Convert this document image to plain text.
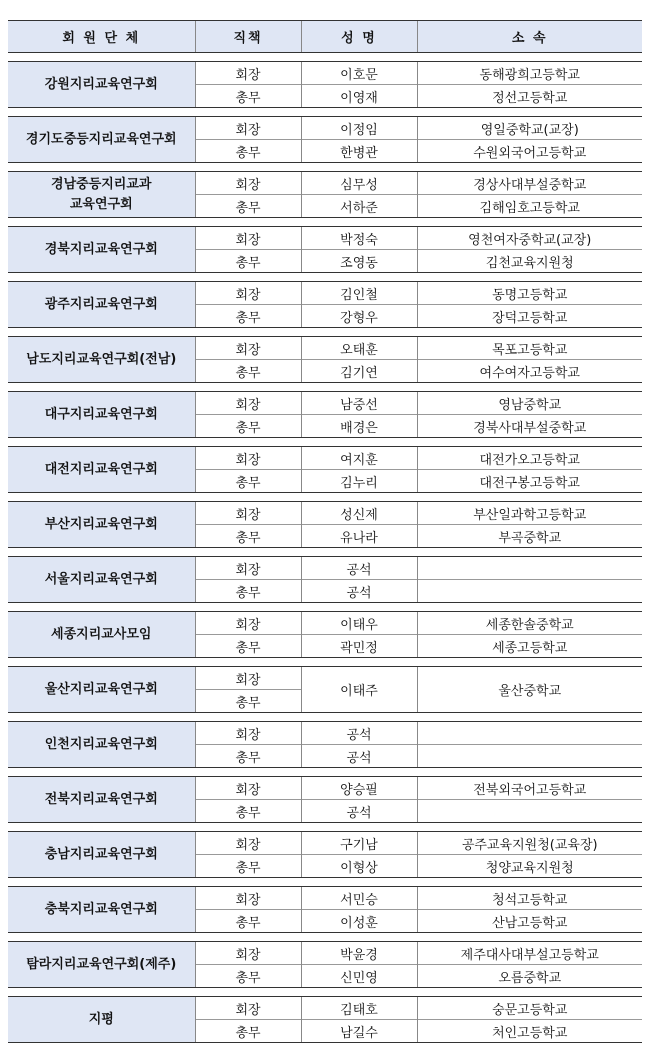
회 원 단 체	직책	성 명	소 속

강원지리교육연구회	회장	이호문	동해광희고등학교
	총무	이영재	정선고등학교

경기도중등지리교육연구회	회장	이정임	영일중학교(교장)
	총무	한병관	수원외국어고등학교

경남중등지리교과
교육연구회	회장	심무성	경상사대부설중학교
	총무	서하준	김해임호고등학교

경북지리교육연구회	회장	박정숙	영천여자중학교(교장)
	총무	조영동	김천교육지원청

광주지리교육연구회	회장	김인철	동명고등학교
	총무	강형우	장덕고등학교

남도지리교육연구회(전남)	회장	오태훈	목포고등학교
	총무	김기연	여수여자고등학교

대구지리교육연구회	회장	남중선	영남중학교
	총무	배경은	경북사대부설중학교

대전지리교육연구회	회장	여지훈	대전가오고등학교
	총무	김누리	대전구봉고등학교

부산지리교육연구회	회장	성신제	부산일과학고등학교
	총무	유나라	부곡중학교

서울지리교육연구회	회장	공석	
	총무	공석	

세종지리교사모임	회장	이태우	세종한솔중학교
	총무	곽민정	세종고등학교

울산지리교육연구회	회장	이태주	울산중학교
	총무		

인천지리교육연구회	회장	공석	
	총무	공석	

전북지리교육연구회	회장	양승필	전북외국어고등학교
	총무	공석	

충남지리교육연구회	회장	구기남	공주교육지원청(교육장)
	총무	이형상	청양교육지원청

충북지리교육연구회	회장	서민승	청석고등학교
	총무	이성훈	산남고등학교

탐라지리교육연구회(제주)	회장	박윤경	제주대사대부설고등학교
	총무	신민영	오름중학교

지평	회장	김태호	숭문고등학교
	총무	남길수	처인고등학교
